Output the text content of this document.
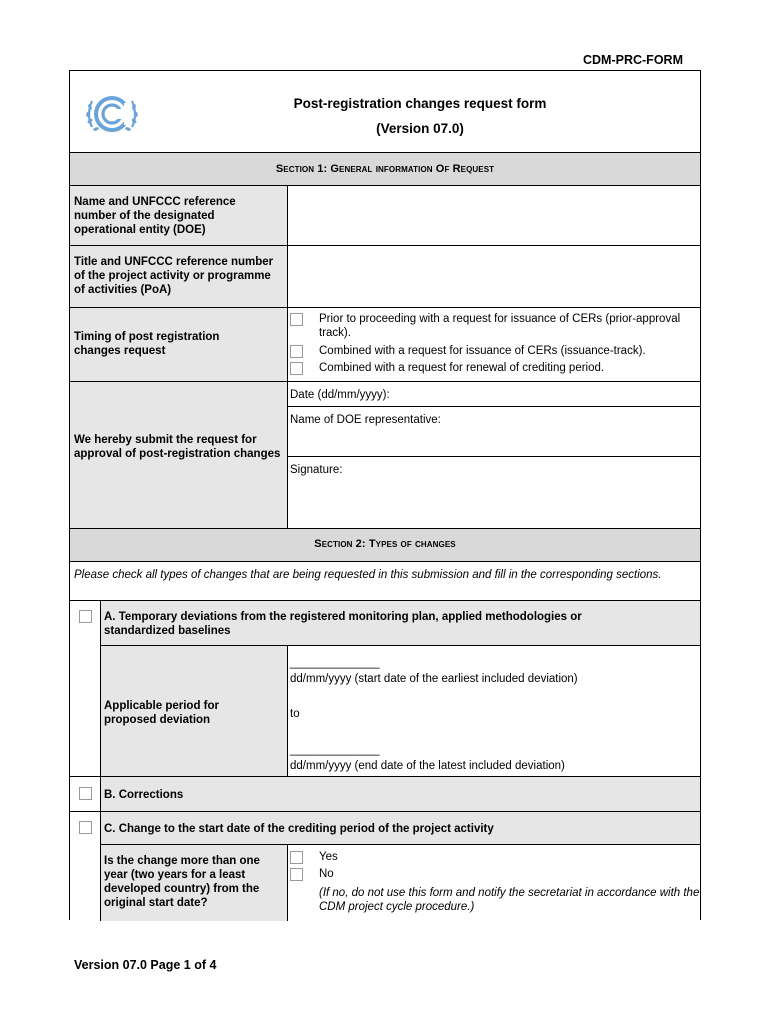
CDM-PRC-FORM
Post-registration changes request form
(Version 07.0)
Section 1: General information Of Request
Name and UNFCCC reference number of the designated operational entity (DOE)
Title and UNFCCC reference number of the project activity or programme of activities (PoA)
Timing of post registration changes request
Prior to proceeding with a request for issuance of CERs (prior-approval track).
Combined with a request for issuance of CERs (issuance-track).
Combined with a request for renewal of crediting period.
We hereby submit the request for approval of post-registration changes
Date (dd/mm/yyyy):
Name of DOE representative:
Signature:
Section 2: Types of changes
Please check all types of changes that are being requested in this submission and fill in the corresponding sections.
A. Temporary deviations from the registered monitoring plan, applied methodologies or standardized baselines
Applicable period for proposed deviation
______________
dd/mm/yyyy (start date of the earliest included deviation)
to
______________
dd/mm/yyyy (end date of the latest included deviation)
B. Corrections
C. Change to the start date of the crediting period of the project activity
Is the change more than one year (two years for a least developed country) from the original start date?
Yes
No
(If no, do not use this form and notify the secretariat in accordance with the CDM project cycle procedure.)
Version 07.0 Page 1 of 4
